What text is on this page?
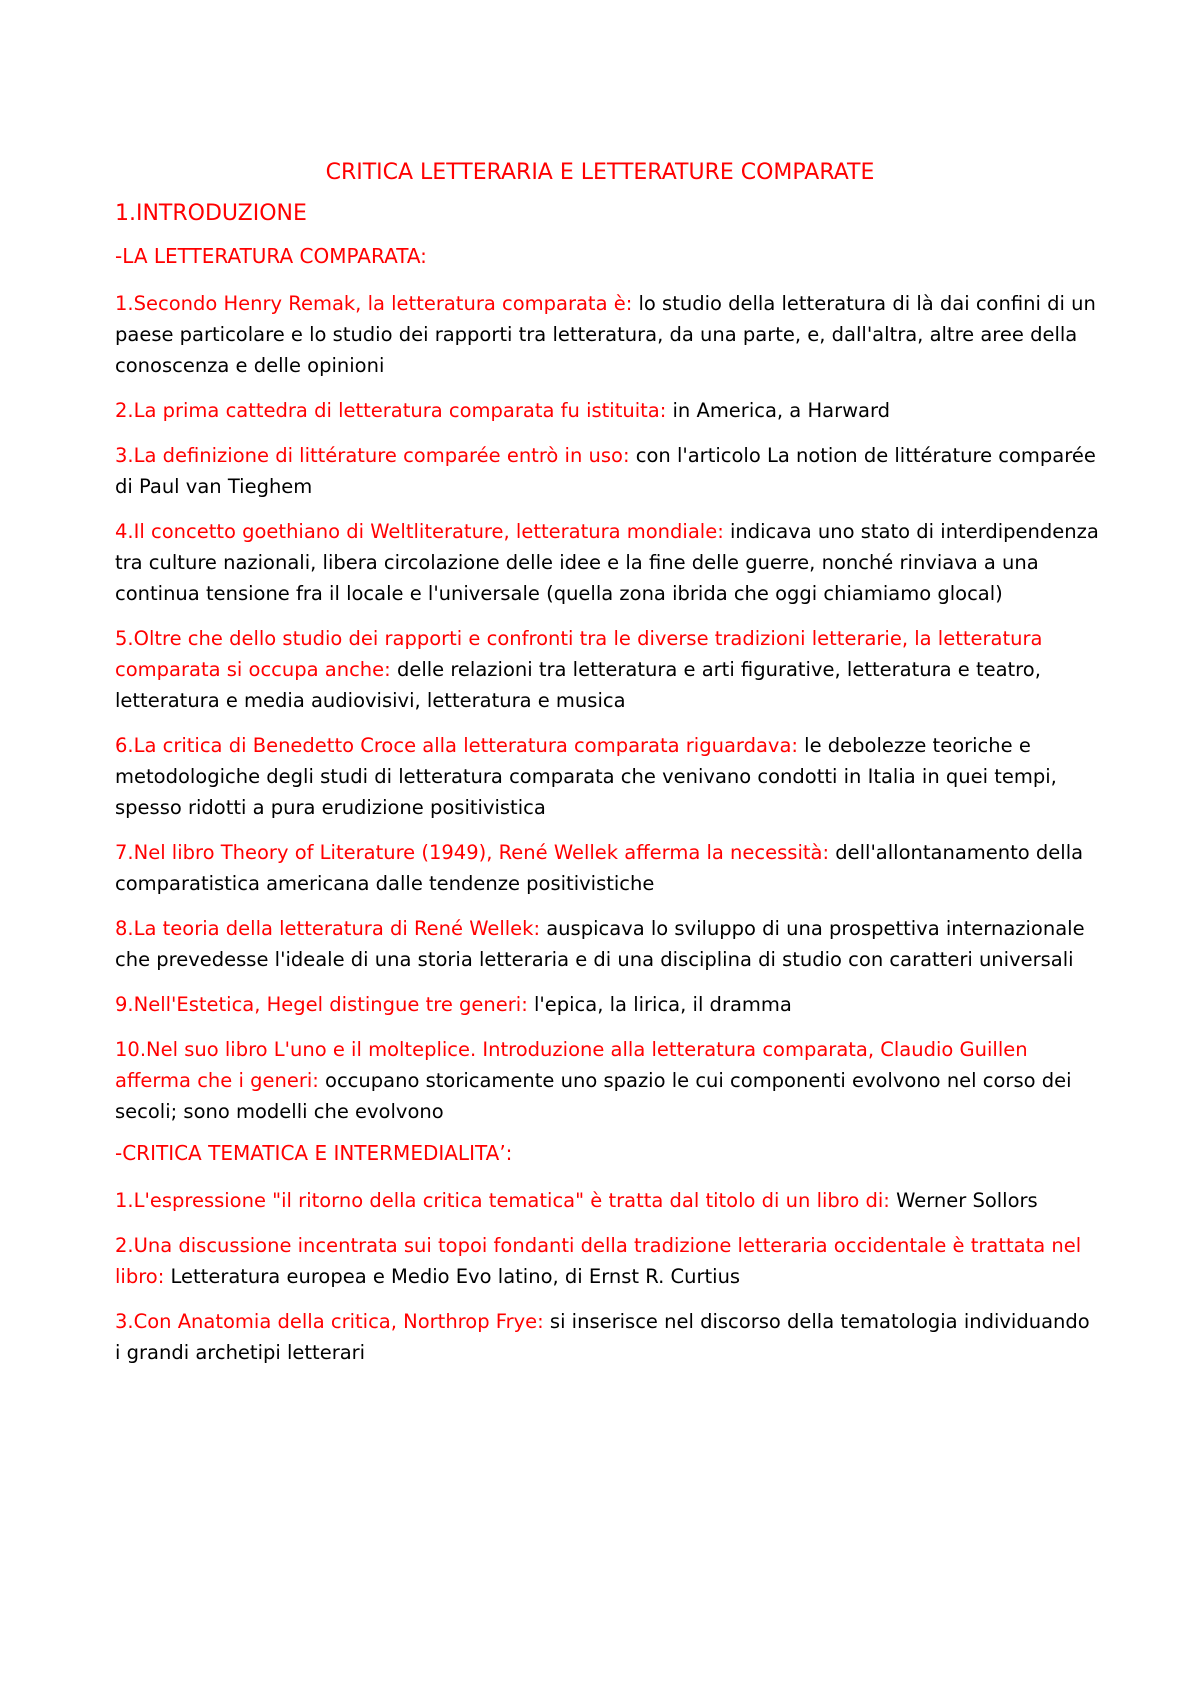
CRITICA LETTERARIA E LETTERATURE COMPARATE
1.INTRODUZIONE
-LA LETTERATURA COMPARATA:
1.Secondo Henry Remak, la letteratura comparata è: lo studio della letteratura di là dai confini di un paese particolare e lo studio dei rapporti tra letteratura, da una parte, e, dall'altra, altre aree della conoscenza e delle opinioni
2.La prima cattedra di letteratura comparata fu istituita: in America, a Harward
3.La definizione di littérature comparée entrò in uso: con l'articolo La notion de littérature comparée di Paul van Tieghem
4.Il concetto goethiano di Weltliterature, letteratura mondiale: indicava uno stato di interdipendenza tra culture nazionali, libera circolazione delle idee e la fine delle guerre, nonché rinviava a una continua tensione fra il locale e l'universale (quella zona ibrida che oggi chiamiamo glocal)
5.Oltre che dello studio dei rapporti e confronti tra le diverse tradizioni letterarie, la letteratura comparata si occupa anche: delle relazioni tra letteratura e arti figurative, letteratura e teatro, letteratura e media audiovisivi, letteratura e musica
6.La critica di Benedetto Croce alla letteratura comparata riguardava: le debolezze teoriche e metodologiche degli studi di letteratura comparata che venivano condotti in Italia in quei tempi, spesso ridotti a pura erudizione positivistica
7.Nel libro Theory of Literature (1949), René Wellek afferma la necessità: dell'allontanamento della comparatistica americana dalle tendenze positivistiche
8.La teoria della letteratura di René Wellek: auspicava lo sviluppo di una prospettiva internazionale che prevedesse l'ideale di una storia letteraria e di una disciplina di studio con caratteri universali
9.Nell'Estetica, Hegel distingue tre generi: l'epica, la lirica, il dramma
10.Nel suo libro L'uno e il molteplice. Introduzione alla letteratura comparata, Claudio Guillen afferma che i generi: occupano storicamente uno spazio le cui componenti evolvono nel corso dei secoli; sono modelli che evolvono
-CRITICA TEMATICA E INTERMEDIALITA’:
1.L'espressione "il ritorno della critica tematica" è tratta dal titolo di un libro di: Werner Sollors
2.Una discussione incentrata sui topoi fondanti della tradizione letteraria occidentale è trattata nel libro: Letteratura europea e Medio Evo latino, di Ernst R. Curtius
3.Con Anatomia della critica, Northrop Frye: si inserisce nel discorso della tematologia individuando i grandi archetipi letterari
